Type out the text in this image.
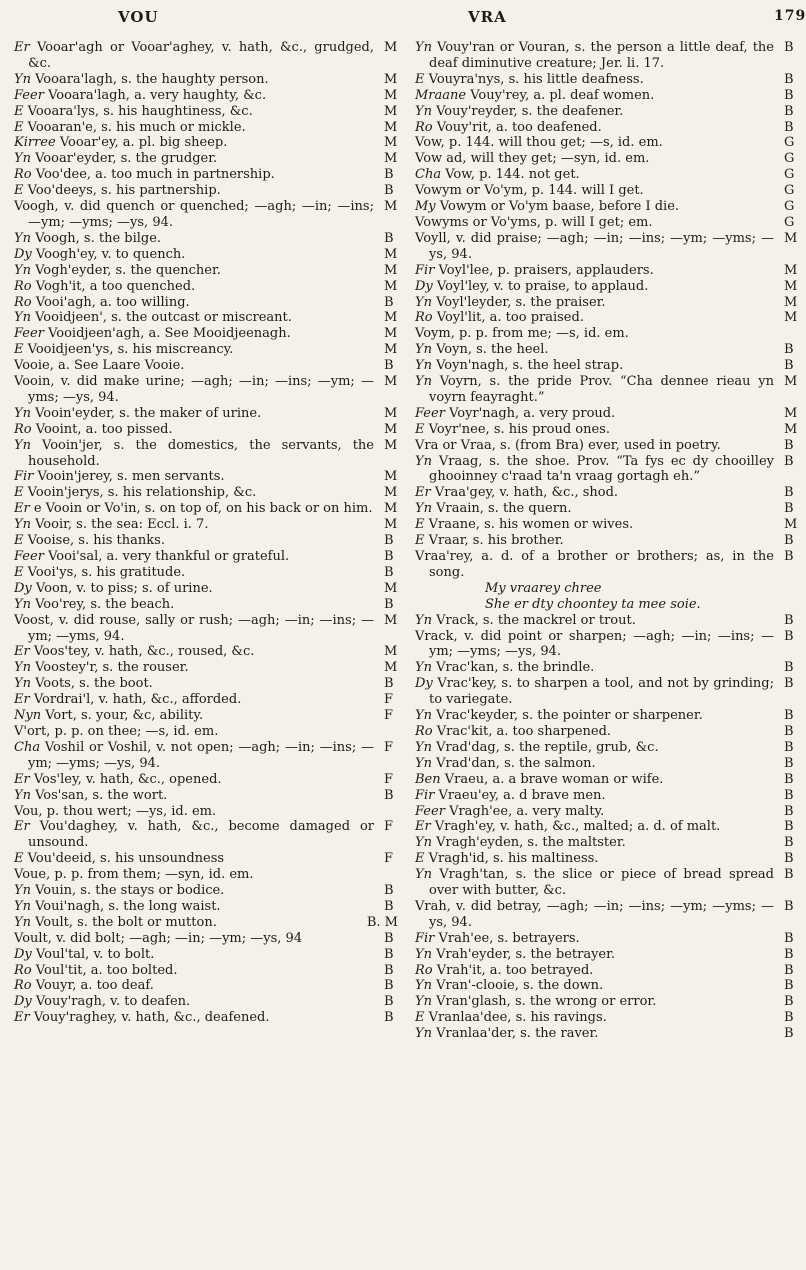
VOU	VRA	179

Er Vooar'agh or Vooar'aghey, v. hath, &c., grudged, &c.
M

Yn Vooara'lagh, s. the haughty person.	M

Feer Vooara'lagh, a. very haughty, &c.	M

E Vooara'lys, s. his haughtiness, &c.	M

E Vooaran'e, s. his much or mickle.	M

Kirree Vooar'ey, a. pl. big sheep.	M

Yn Vooar'eyder, s. the grudger.	M

Ro Voo'dee, a. too much in partnership.	B

E Voo'deeys, s. his partnership.	B

Voogh, v. did quench or quenched; —agh; —in; —ins; —ym; —yms; —ys, 94.
M

Yn Voogh, s. the bilge.	B

Dy Voogh'ey, v. to quench.	M

Yn Vogh'eyder, s. the quencher.	M

Ro Vogh'it, a too quenched.	M

Ro Vooi'agh, a. too willing.	B

Yn Vooidjeen', s. the outcast or miscreant.	M

Feer Vooidjeen'agh, a. See Mooidjeenagh.	M

E Vooidjeen'ys, s. his miscreancy.	M

Vooie, a. See Laare Vooie.	B

Vooin, v. did make urine; —agh; —in; —ins; —ym; —yms; —ys, 94.
M

Yn Vooin'eyder, s. the maker of urine.	M

Ro Vooint, a. too pissed.	M

Yn Vooin'jer, s. the domestics, the servants, the household.
M

Fir Vooin'jerey, s. men servants.	M

E Vooin'jerys, s. his relationship, &c.	M

Er e Vooin or Vo'in, s. on top of, on his back or on him. M

Yn Vooir, s. the sea: Eccl. i. 7.	M

E Vooise, s. his thanks.	B

Feer Vooi'sal, a. very thankful or grateful.	B

E Vooi'ys, s. his gratitude.	B

Dy Voon, v. to piss; s. of urine.	M

Yn Voo'rey, s. the beach.	B

Voost, v. did rouse, sally or rush; —agh; —in; —ins; —ym; —yms, 94.
M

Er Voos'tey, v. hath, &c., roused, &c.	M

Yn Voostey'r, s. the rouser.	M

Yn Voots, s. the boot.	B

Er Vordrai'l, v. hath, &c., afforded.	F

Nyn Vort, s. your, &c, ability.	F

V'ort, p. p. on thee; —s, id. em.

Cha Voshil or Voshil, v. not open; —agh; —in; —ins; —ym; —yms; —ys, 94.
F

Er Vos'ley, v. hath, &c., opened.	F

Yn Vos'san, s. the wort.	B

Vou, p. thou wert; —ys, id. em.

Er Vou'daghey, v. hath, &c., become damaged or unsound.
F

E Vou'deeid, s. his unsoundness	F

Voue, p. p. from them; —syn, id. em.

Yn Vouin, s. the stays or bodice.	B

Yn Voui'nagh, s. the long waist.	B

Yn Voult, s. the bolt or mutton.	B. M

Voult, v. did bolt; —agh; —in; —ym; —ys, 94	B

Dy Voul'tal, v. to bolt.	B

Ro Voul'tit, a. too bolted.	B

Ro Vouyr, a. too deaf.	B

Dy Vouy'ragh, v. to deafen.	B

Er Vouy'raghey, v. hath, &c., deafened.	B

Yn Vouy'ran or Vouran, s. the person a little deaf, the deaf diminutive creature; Jer. li. 17.
B

E Vouyra'nys, s. his little deafness.	B

Mraane Vouy'rey, a. pl. deaf women.	B

Yn Vouy'reyder, s. the deafener.	B

Ro Vouy'rit, a. too deafened.	B

Vow, p. 144. will thou get; —s, id. em.	G

Vow ad, will they get; —syn, id. em.	G

Cha Vow, p. 144. not get.	G

Vowym or Vo'ym, p. 144. will I get.	G

My Vowym or Vo'ym baase, before I die.	G

Vowyms or Vo'yms, p. will I get; em.	G

Voyll, v. did praise; —agh; —in; —ins; —ym; —yms; —ys, 94.
M

Fir Voyl'lee, p. praisers, applauders.	M

Dy Voyl'ley, v. to praise, to applaud.	M

Yn Voyl'leyder, s. the praiser.	M

Ro Voyl'lit, a. too praised.	M

Voym, p. p. from me; —s, id. em.

Yn Voyn, s. the heel.	B

Yn Voyn'nagh, s. the heel strap.	B

Yn Voyrn, s. the pride Prov. “Cha dennee rieau yn voyrn feayraght.”
M

Feer Voyr'nagh, a. very proud.	M

E Voyr'nee, s. his proud ones.	M

Vra or Vraa, s. (from Bra) ever, used in poetry.	B

Yn Vraag, s. the shoe. Prov. “Ta fys ec dy chooilley ghooinney c'raad ta'n vraag gortagh eh.”
B

Er Vraa'gey, v. hath, &c., shod.	B

Yn Vraain, s. the quern.	B

E Vraane, s. his women or wives.	M

E Vraar, s. his brother.	B

Vraa'rey, a. d. of a brother or brothers; as, in the song.
B

My vraarey chree

She er dty choontey ta mee soie.

Yn Vrack, s. the mackrel or trout.	B

Vrack, v. did point or sharpen; —agh; —in; —ins; —ym; —yms; —ys, 94.
B

Yn Vrac'kan, s. the brindle.	B

Dy Vrac'key, s. to sharpen a tool, and not by grinding; to variegate.
B

Yn Vrac'keyder, s. the pointer or sharpener.	B

Ro Vrac'kit, a. too sharpened.	B

Yn Vrad'dag, s. the reptile, grub, &c.	B

Yn Vrad'dan, s. the salmon.	B

Ben Vraeu, a. a brave woman or wife.	B

Fir Vraeu'ey, a. d brave men.	B

Feer Vragh'ee, a. very malty.	B

Er Vragh'ey, v. hath, &c., malted; a. d. of malt.	B

Yn Vragh'eyden, s. the maltster.	B

E Vragh'id, s. his maltiness.	B

Yn Vragh'tan, s. the slice or piece of bread spread over with butter, &c.
B

Vrah, v. did betray, —agh; —in; —ins; —ym; —yms; —ys, 94.
B

Fir Vrah'ee, s. betrayers.	B

Yn Vrah'eyder, s. the betrayer.	B

Ro Vrah'it, a. too betrayed.	B

Yn Vran'-clooie, s. the down.	B

Yn Vran'glash, s. the wrong or error.	B

E Vranlaa'dee, s. his ravings.	B

Yn Vranlaa'der, s. the raver.	B
